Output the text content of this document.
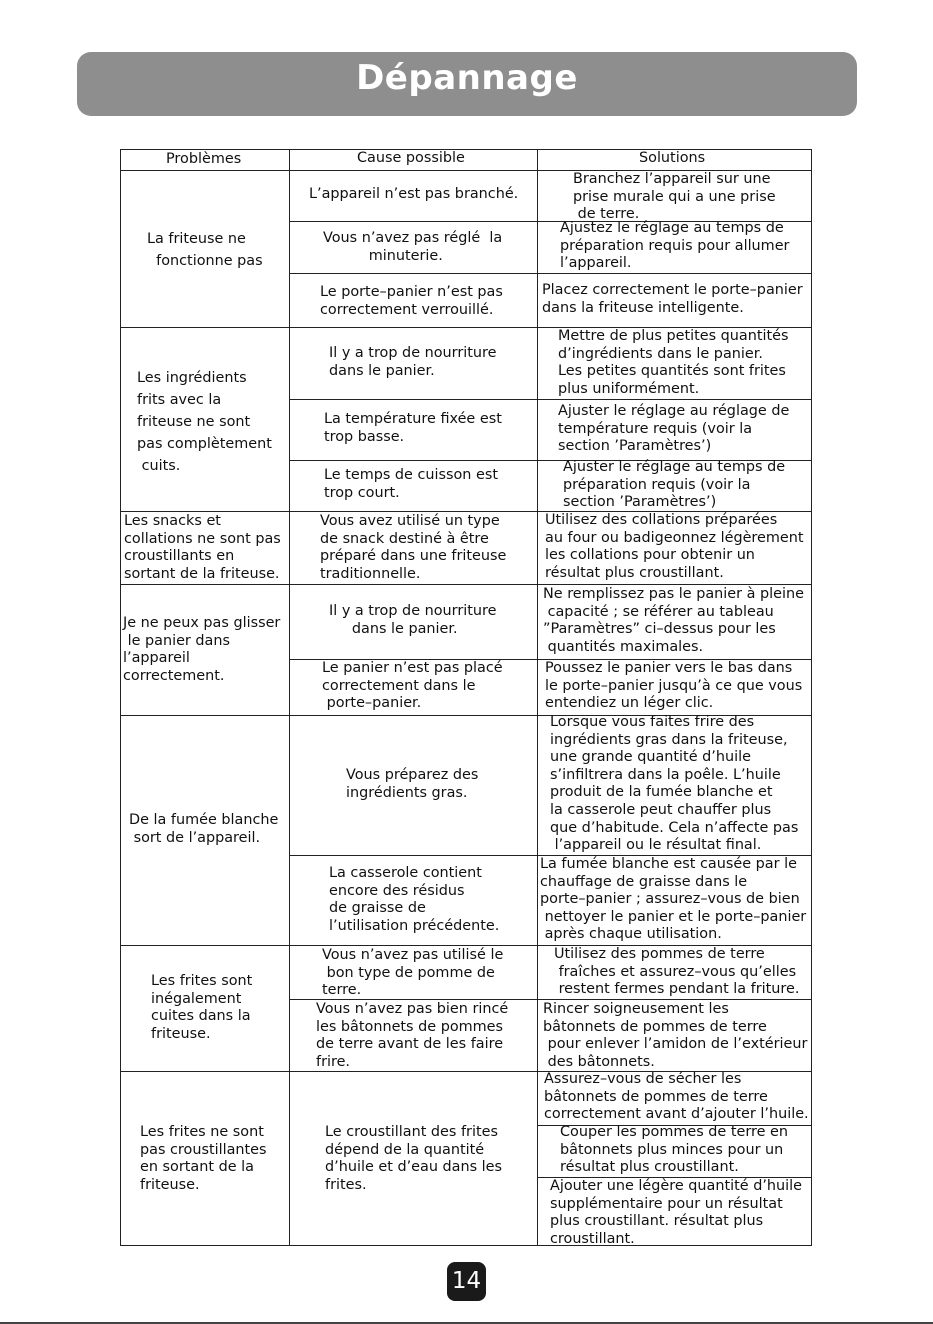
Dépannage
Problèmes	Cause possible	Solutions
La friteuse ne
fonctionne pas
Les ingrédients
frits avec la
friteuse ne sont
pas complètement
cuits.
Les snacks et
collations ne sont pas
croustillants en
sortant de la friteuse.
Je ne peux pas glisser
le panier dans
l’appareil
correctement.
De la fumée blanche
sort de l’appareil.
Les frites sont
inégalement
cuites dans la
friteuse.
Les frites ne sont
pas croustillantes
en sortant de la
friteuse.
L’appareil n’est pas branché.
Vous n’avez pas réglé  la
minuterie.
Le porte–panier n’est pas
correctement verrouillé.
Il y a trop de nourriture
dans le panier.
La température fixée est
trop basse.
Le temps de cuisson est
trop court.
Vous avez utilisé un type
de snack destiné à être
préparé dans une friteuse
traditionnelle.
Il y a trop de nourriture
dans le panier.
Le panier n’est pas placé
correctement dans le
porte–panier.
Vous préparez des
ingrédients gras.
La casserole contient
encore des résidus
de graisse de
l’utilisation précédente.
Vous n’avez pas utilisé le
bon type de pomme de
terre.
Vous n’avez pas bien rincé
les bâtonnets de pommes
de terre avant de les faire
frire.
Le croustillant des frites
dépend de la quantité
d’huile et d’eau dans les
frites.
Branchez l’appareil sur une
prise murale qui a une prise
de terre.
Ajustez le réglage au temps de
préparation requis pour allumer
l’appareil.
Placez correctement le porte–panier
dans la friteuse intelligente.
Mettre de plus petites quantités
d’ingrédients dans le panier.
Les petites quantités sont frites
plus uniformément.
Ajuster le réglage au réglage de
température requis (voir la
section ’Paramètres’)
Ajuster le réglage au temps de
préparation requis (voir la
section ’Paramètres’)
Utilisez des collations préparées
au four ou badigeonnez légèrement
les collations pour obtenir un
résultat plus croustillant.
Ne remplissez pas le panier à pleine
capacité ; se référer au tableau
”Paramètres” ci–dessus pour les
quantités maximales.
Poussez le panier vers le bas dans
le porte–panier jusqu’à ce que vous
entendiez un léger clic.
Lorsque vous faites frire des
ingrédients gras dans la friteuse,
une grande quantité d’huile
s’infiltrera dans la poêle. L’huile
produit de la fumée blanche et
la casserole peut chauffer plus
que d’habitude. Cela n’affecte pas
l’appareil ou le résultat final.
La fumée blanche est causée par le
chauffage de graisse dans le
porte–panier ; assurez–vous de bien
nettoyer le panier et le porte–panier
après chaque utilisation.
Utilisez des pommes de terre
fraîches et assurez–vous qu’elles
restent fermes pendant la friture.
Rincer soigneusement les
bâtonnets de pommes de terre
pour enlever l’amidon de l’extérieur
des bâtonnets.
Assurez–vous de sécher les
bâtonnets de pommes de terre
correctement avant d’ajouter l’huile.
Couper les pommes de terre en
bâtonnets plus minces pour un
résultat plus croustillant.
Ajouter une légère quantité d’huile
supplémentaire pour un résultat
plus croustillant. résultat plus
croustillant.
14
